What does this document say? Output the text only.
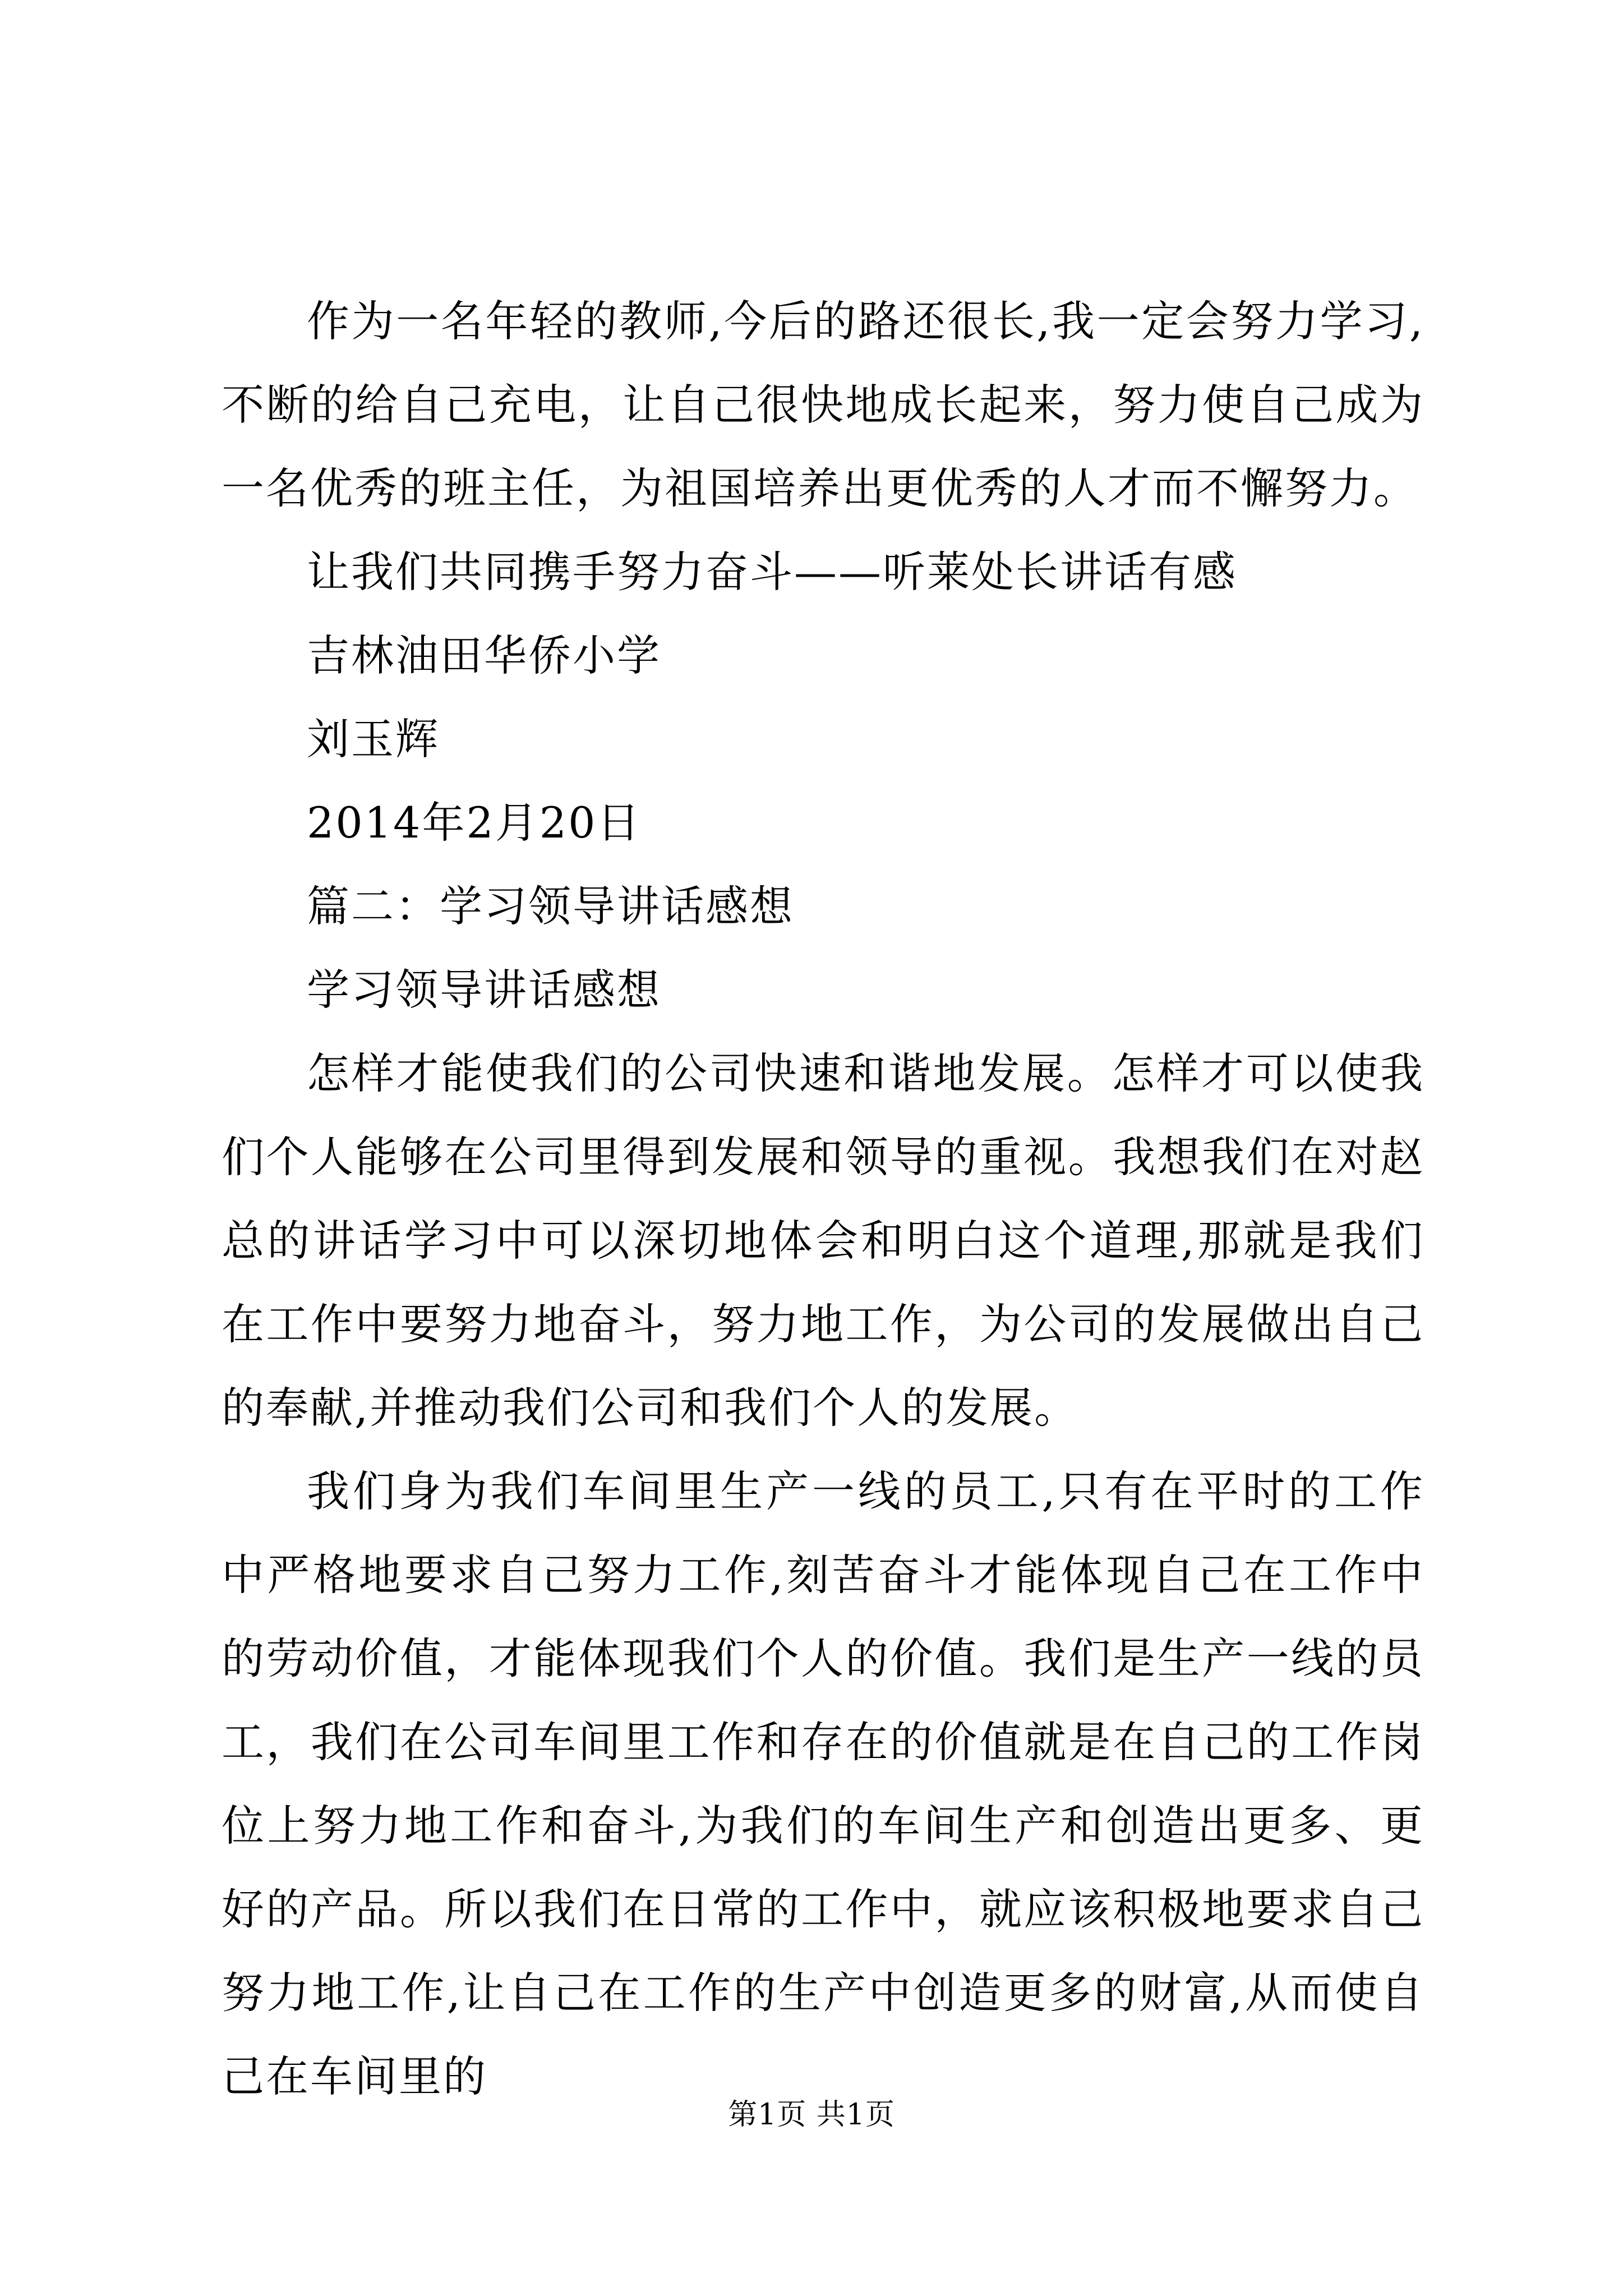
作为一名年轻的教师,今后的路还很长,我一定会努力学习,不断的给自己充电，让自己很快地成长起来，努力使自己成为一名优秀的班主任，为祖国培养出更优秀的人才而不懈努力。

让我们共同携手努力奋斗——听莱处长讲话有感

吉林油田华侨小学

刘玉辉

2014年2月20日

篇二：学习领导讲话感想

学习领导讲话感想

怎样才能使我们的公司快速和谐地发展。怎样才可以使我们个人能够在公司里得到发展和领导的重视。我想我们在对赵总的讲话学习中可以深切地体会和明白这个道理,那就是我们在工作中要努力地奋斗，努力地工作，为公司的发展做出自己的奉献,并推动我们公司和我们个人的发展。

我们身为我们车间里生产一线的员工,只有在平时的工作中严格地要求自己努力工作,刻苦奋斗才能体现自己在工作中的劳动价值，才能体现我们个人的价值。我们是生产一线的员工，我们在公司车间里工作和存在的价值就是在自己的工作岗位上努力地工作和奋斗,为我们的车间生产和创造出更多、更好的产品。所以我们在日常的工作中，就应该积极地要求自己努力地工作,让自己在工作的生产中创造更多的财富,从而使自己在车间里的

第1页 共1页
